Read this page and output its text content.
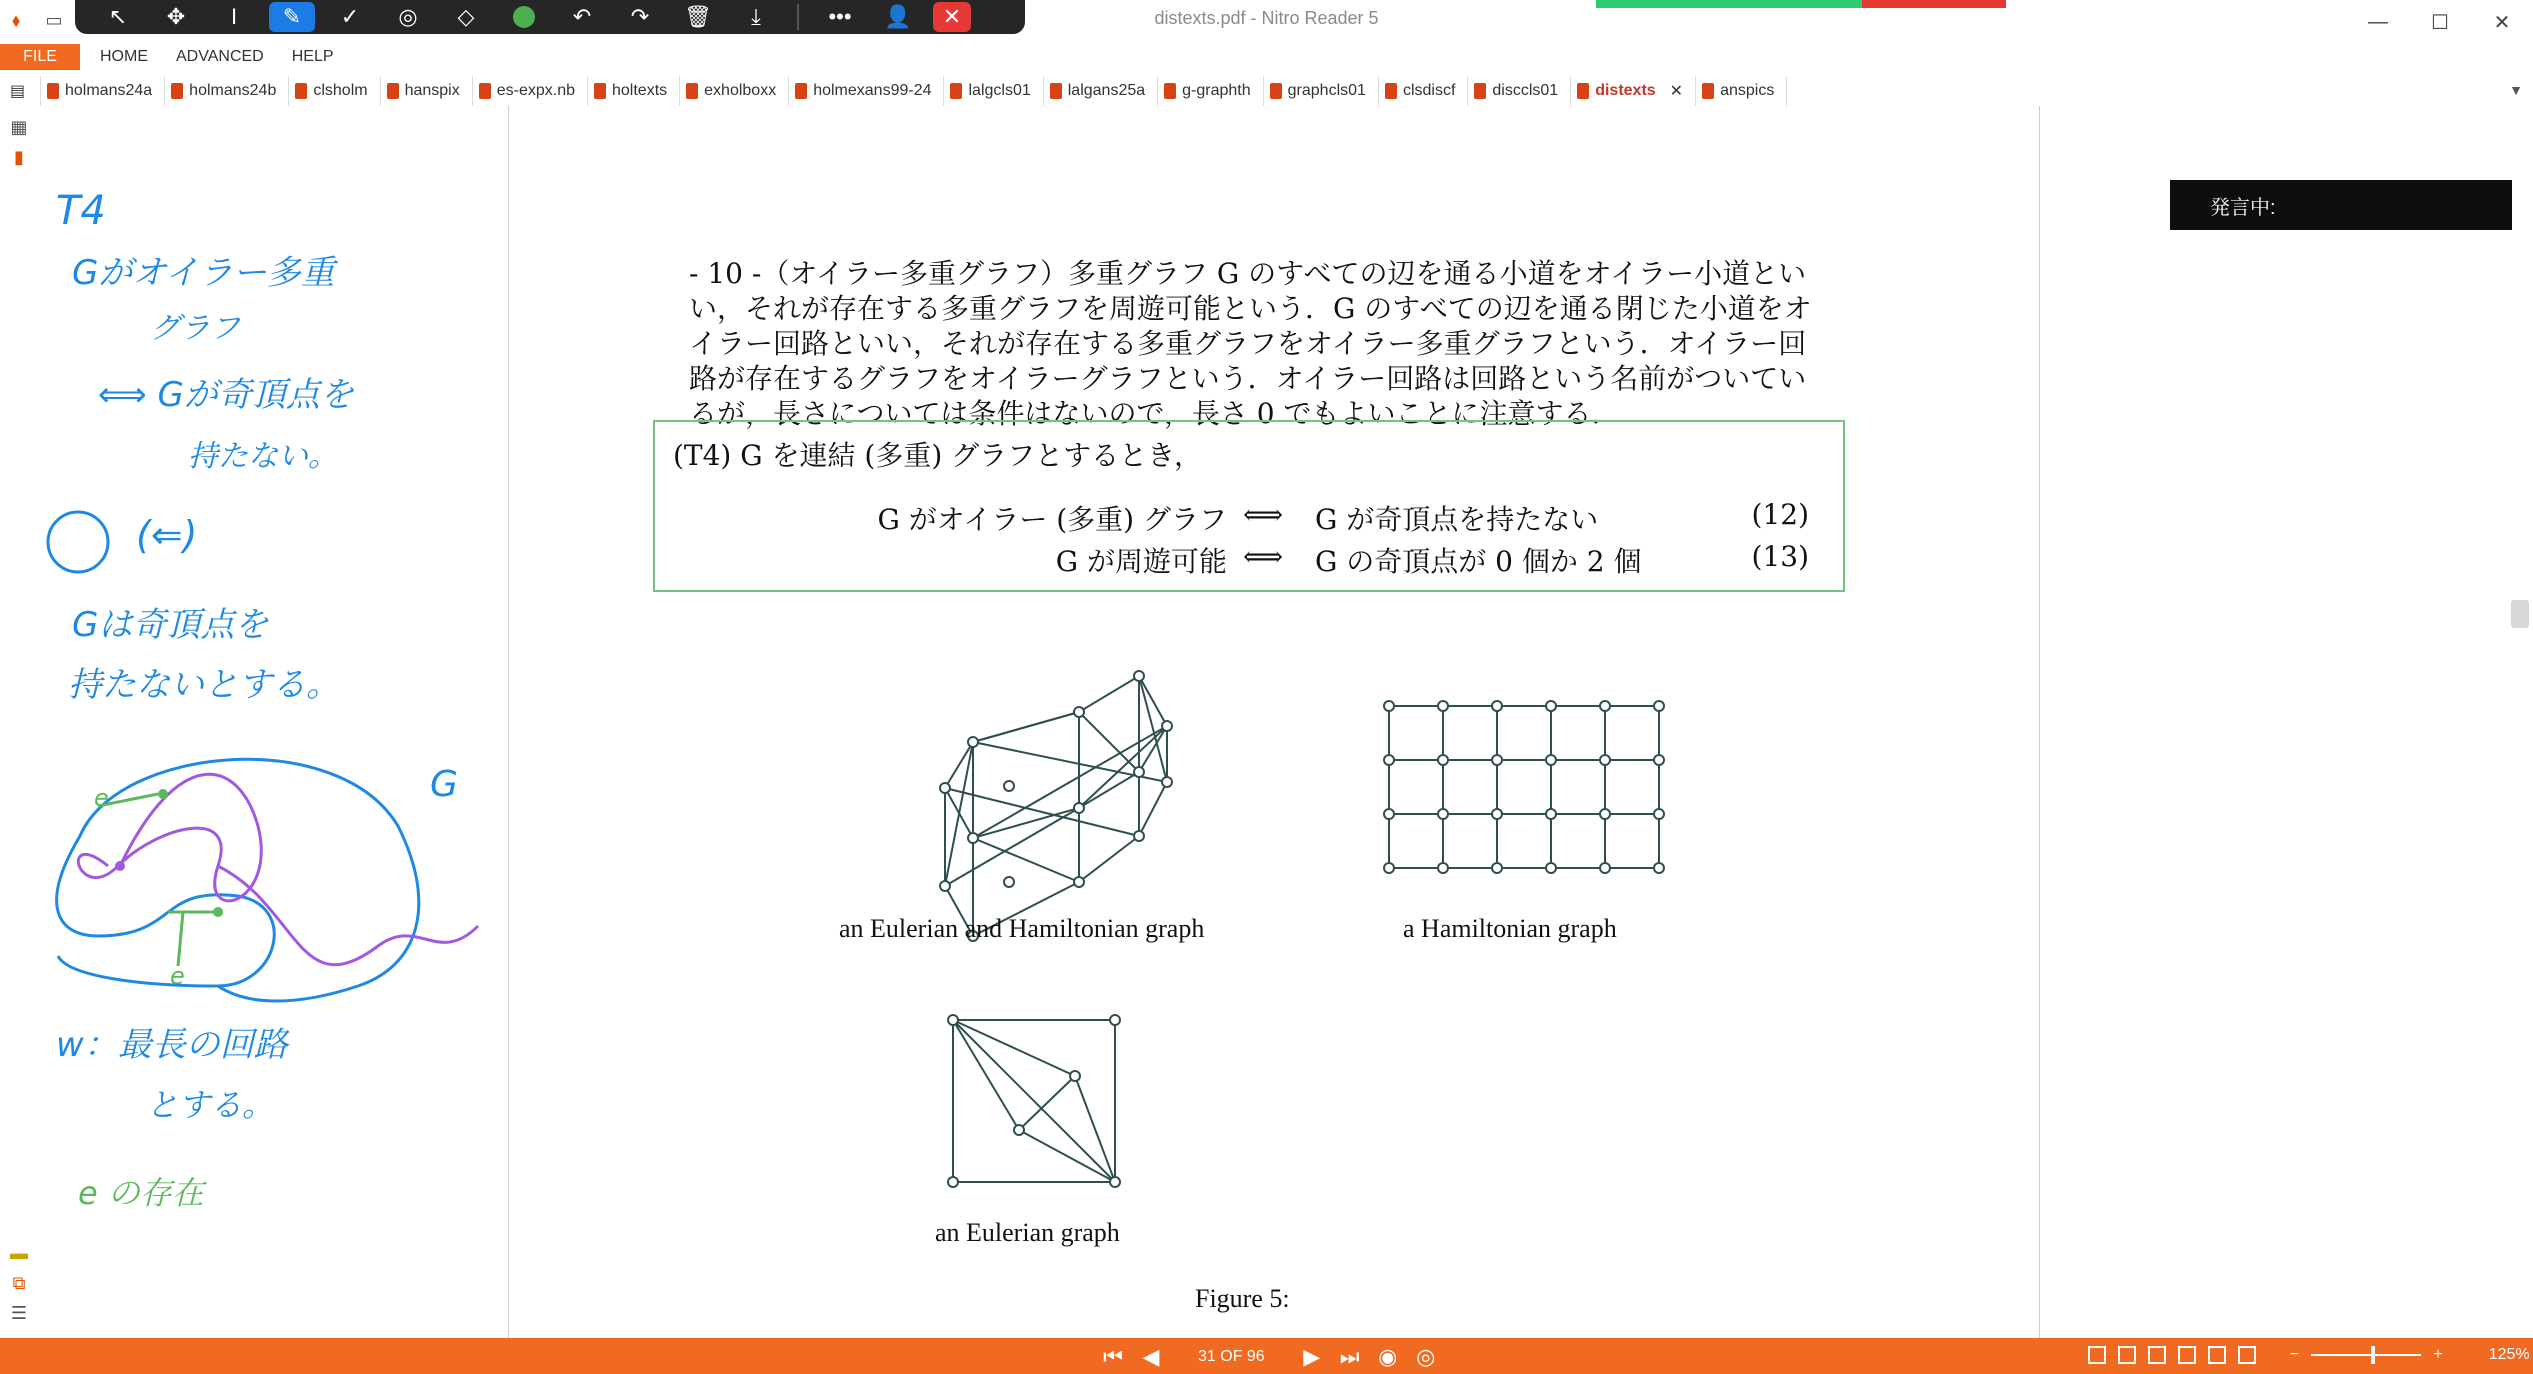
⬧	▭	distexts.pdf - Nitro Reader 5	—	☐	✕
↖	✥	I	✎	✓	◎	◇	↶	↷	🗑	⤓	•••	👤	✕
FILE	HOME ADVANCED HELP
▤	holmans24a holmans24b clsholm hanspix es-expx.nb holtexts exholboxx holmexans99-24 lalgcls01 lalgans25a g-graphth graphcls01 clsdiscf disccls01 distexts ✕ anspics	▼
▦
▮
▬
⧉
☰
T4
Gがオイラー多重
グラフ
⟺ Gが奇頂点を
持たない。
(⇐)
Gは奇頂点を
持たないとする。
G
e
e
w：最長の回路
とする。
e の存在
- 10 -（オイラー多重グラフ）多重グラフ G のすべての辺を通る小道をオイラー小道といい，それが存在する多重グラフを周遊可能という．G のすべての辺を通る閉じた小道をオイラー回路といい，それが存在する多重グラフをオイラー多重グラフという．オイラー回路が存在するグラフをオイラーグラフという．オイラー回路は回路という名前がついているが，長さについては条件はないので，長さ 0 でもよいことに注意する．
(T4) G を連結 (多重) グラフとするとき，
G がオイラー (多重) グラフ ⟺ G が奇頂点を持たない	(12)
G が周遊可能 ⟺ G の奇頂点が 0 個か 2 個	(13)
an Eulerian and Hamiltonian graph	a Hamiltonian graph
an Eulerian graph
Figure 5:
発言中:
⏮ ◀ 31 OF 96 ▶ ⏭ ◉ ◎	−	+	125%
